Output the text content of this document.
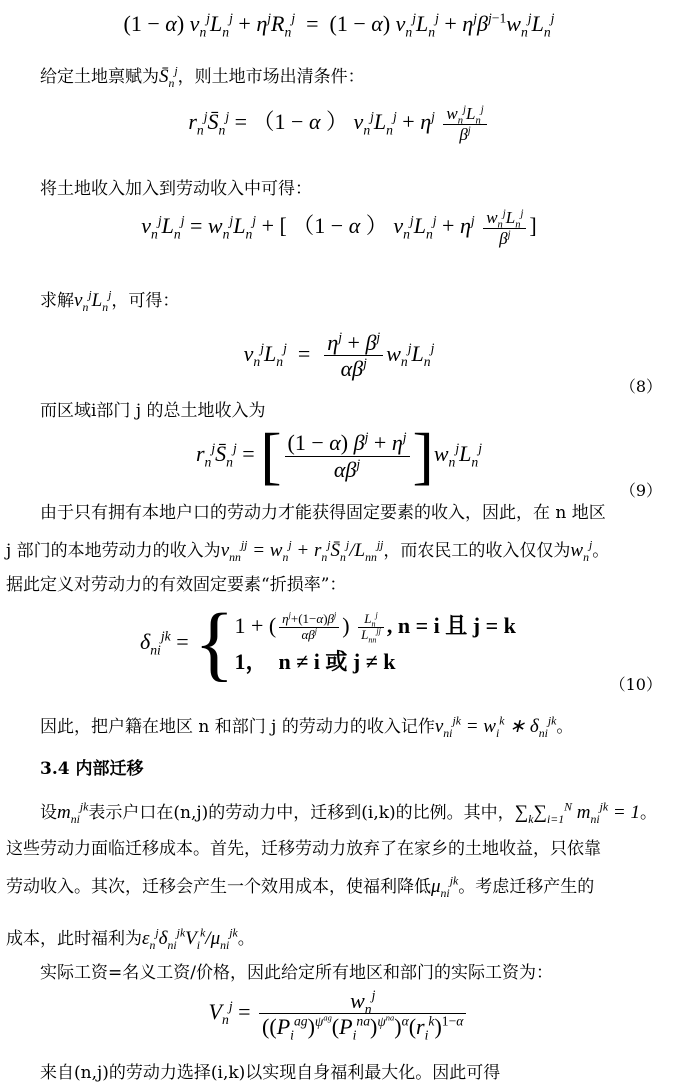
(1 − α) $v_n^jL_n^j + \eta^jR_n^j = (1 - \alpha) v_n^jL_n^j + \eta^j\beta^{j-1}w_n^jL_n^j$
给定土地禀赋为$S̄_n^j$，则土地市场出清条件：
$r_n^jS̄_n^j = (1 - \alpha$ ） $v_n^jL_n^j + \eta^j \frac{w_n^jL_n^j}{\beta^j}$
将土地收入加入到劳动收入中可得：
$v_n^jL_n^j = w_n^jL_n^j$ + [ （1 − α ） $v_n^jL_n^j + \eta^j \frac{w_n^jL_n^j}{\beta^j}$ ]
求解$v_n^jL_n^j$，可得：
$v_n^jL_n^j = \frac{\eta^j + \beta^j}{\alpha\beta^j} w_n^jL_n^j$
（8）
而区域i部门 j 的总土地收入为
$r_n^jS̄_n^j$ = [ $\frac{(1 - \alpha) \beta^j + \eta^j}{\alpha\beta^j} ]w_n^jL_n^j$
（9）
由于只有拥有本地户口的劳动力才能获得固定要素的收入，因此，在 n 地区
j 部门的本地劳动力的收入为$v_{nn}^{jj} = w_n^j$ + $r_n^jS̄_n^j/L_{nn}^{jj}$，而农民工的收入仅仅为$w_n^j$。
据此定义对劳动力的有效固定要素“折损率”：
$\delta_{ni}^{jk}$ = { 1 + ( $\frac{\eta^j+(1-\alpha)\beta^j}{\alpha\beta^j}$ ) $\frac{L_n^j}{L_{nn}^{jj}}$ , n = i 且 j = k
1， n ≠ i 或 j ≠ k
（10）
因此，把户籍在地区 n 和部门 j 的劳动力的收入记作$v_{ni}^{jk} = w_i^k$ ∗ $\delta_{ni}^{jk}$。
3.4 内部迁移
设$m_{ni}^{jk}$表示户口在(n,j)的劳动力中，迁移到(i,k)的比例。其中，$\sum_k\sum_{i=1}^N$ $m_{ni}^{jk} = 1$。
这些劳动力面临迁移成本。首先，迁移劳动力放弃了在家乡的土地收益，只依靠
劳动收入。其次，迁移会产生一个效用成本，使福利降低$\mu_{ni}^{jk}$。考虑迁移产生的
成本，此时福利为$\varepsilon_n^j\delta_{ni}^{jk}V_i^k/\mu_{ni}^{jk}$。
实际工资=名义工资/价格，因此给定所有地区和部门的实际工资为：
$V_n^j = \frac{w_n^j}{((P_i^{ag})^{\psi^{ag}}(P_i^{na})^{\psi^{na}})^\alpha(r_i^k)^{1-\alpha}}$
来自(n,j)的劳动力选择(i,k)以实现自身福利最大化。因此可得
